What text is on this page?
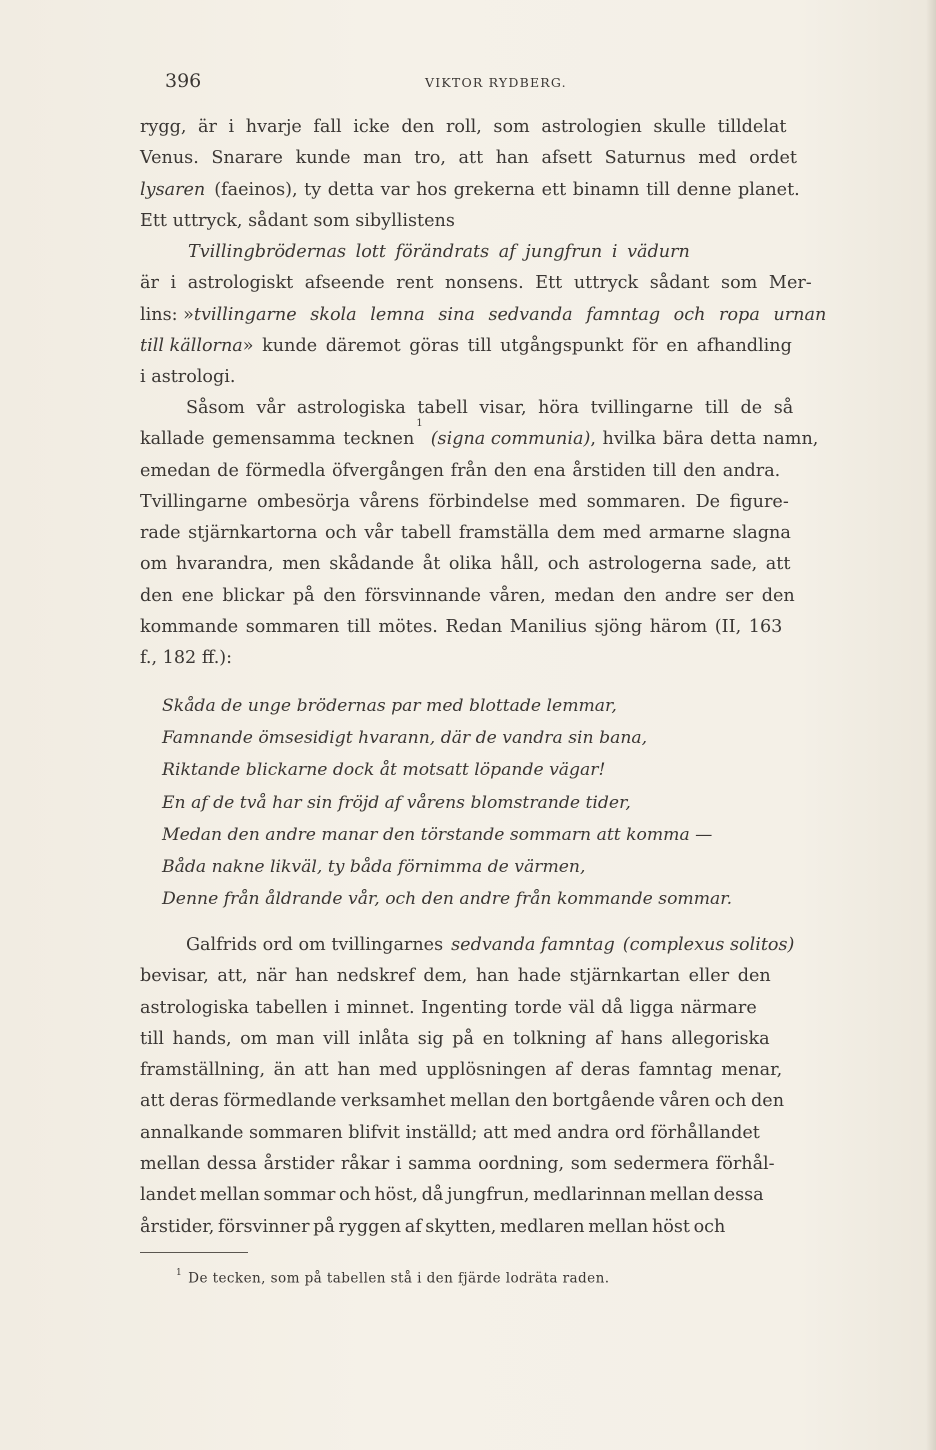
396	VIKTOR RYDBERG.
rygg, är i hvarje fall icke den roll, som astrologien skulle tilldelat
Venus. Snarare kunde man tro, att han afsett Saturnus med ordet
lysaren (faeinos), ty detta var hos grekerna ett binamn till denne planet.
Ett uttryck, sådant som sibyllistens
Tvillingbrödernas lott förändrats af jungfrun i vädurn
är i astrologiskt afseende rent nonsens. Ett uttryck sådant som Mer-
lins: » tvillingarne skola lemna sina sedvanda famntag och ropa urnan
till källorna » kunde däremot göras till utgångspunkt för en afhandling
i astrologi.
Såsom vår astrologiska tabell visar, höra tvillingarne till de så
kallade gemensamma tecknen
1
(signa communia) , hvilka bära detta namn,
emedan de förmedla öfvergången från den ena årstiden till den andra.
Tvillingarne ombesörja vårens förbindelse med sommaren. De figure-
rade stjärnkartorna och vår tabell framställa dem med armarne slagna
om hvarandra, men skådande åt olika håll, och astrologerna sade, att
den ene blickar på den försvinnande våren, medan den andre ser den
kommande sommaren till mötes. Redan Manilius sjöng härom (II, 163
f., 182 ff.):
Skåda de unge brödernas par med blottade lemmar,
Famnande ömsesidigt hvarann, där de vandra sin bana,
Riktande blickarne dock åt motsatt löpande vägar!
En af de två har sin fröjd af vårens blomstrande tider,
Medan den andre manar den törstande sommarn att komma —
Båda nakne likväl, ty båda förnimma de värmen,
Denne från åldrande vår, och den andre från kommande sommar.
Galfrids ord om tvillingarnes sedvanda famntag (complexus solitos)
bevisar, att, när han nedskref dem, han hade stjärnkartan eller den
astrologiska tabellen i minnet. Ingenting torde väl då ligga närmare
till hands, om man vill inlåta sig på en tolkning af hans allegoriska
framställning, än att han med upplösningen af deras famntag menar,
att deras förmedlande verksamhet mellan den bortgående våren och den
annalkande sommaren blifvit inställd; att med andra ord förhållandet
mellan dessa årstider råkar i samma oordning, som sedermera förhål-
landet mellan sommar och höst, då jungfrun, medlarinnan mellan dessa
årstider, försvinner på ryggen af skytten, medlaren mellan höst och
$^1$ De tecken, som på tabellen stå i den fjärde lodräta raden.
